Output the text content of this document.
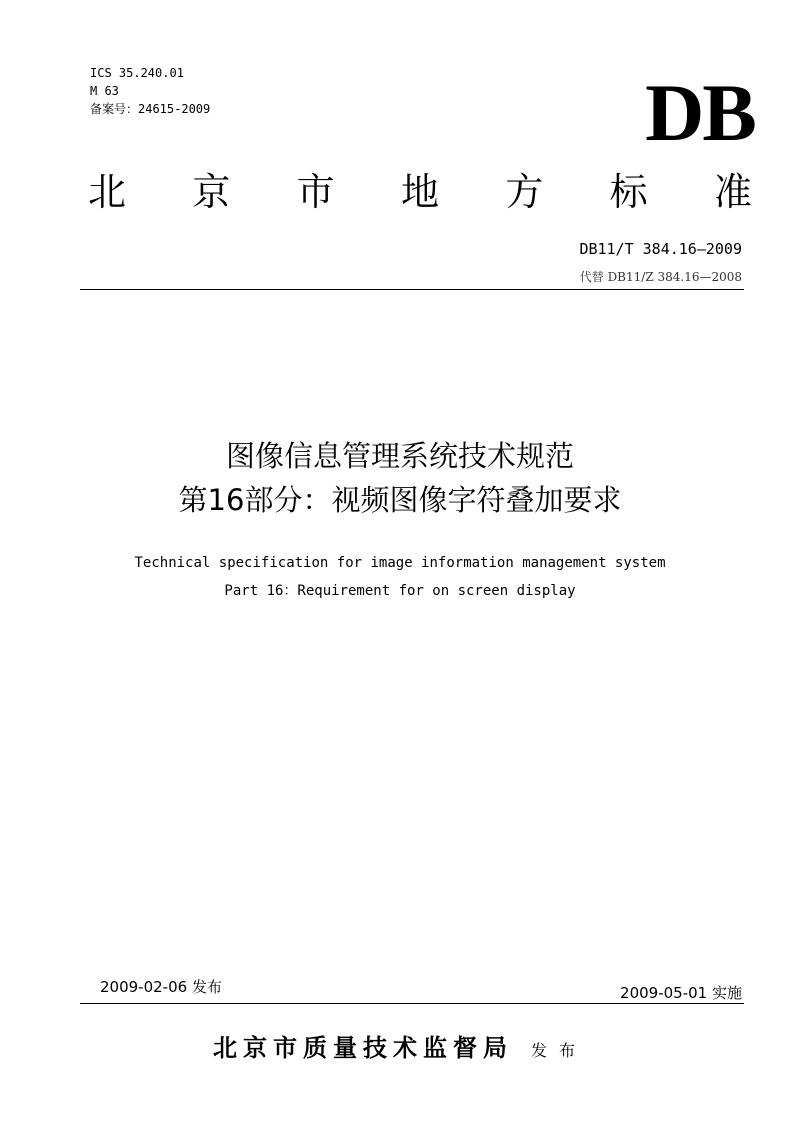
ICS 35.240.01
M 63
备案号：24615-2009	DB
北 京 市 地 方 标 准
DB11/T 384.16—2009
代替 DB11/Z 384.16—2008
图像信息管理系统技术规范
第16部分：视频图像字符叠加要求
Technical specification for image information management system
Part 16：Requirement for on screen display
2009-02-06 发布	2009-05-01 实施
北京市质量技术监督局 发布
